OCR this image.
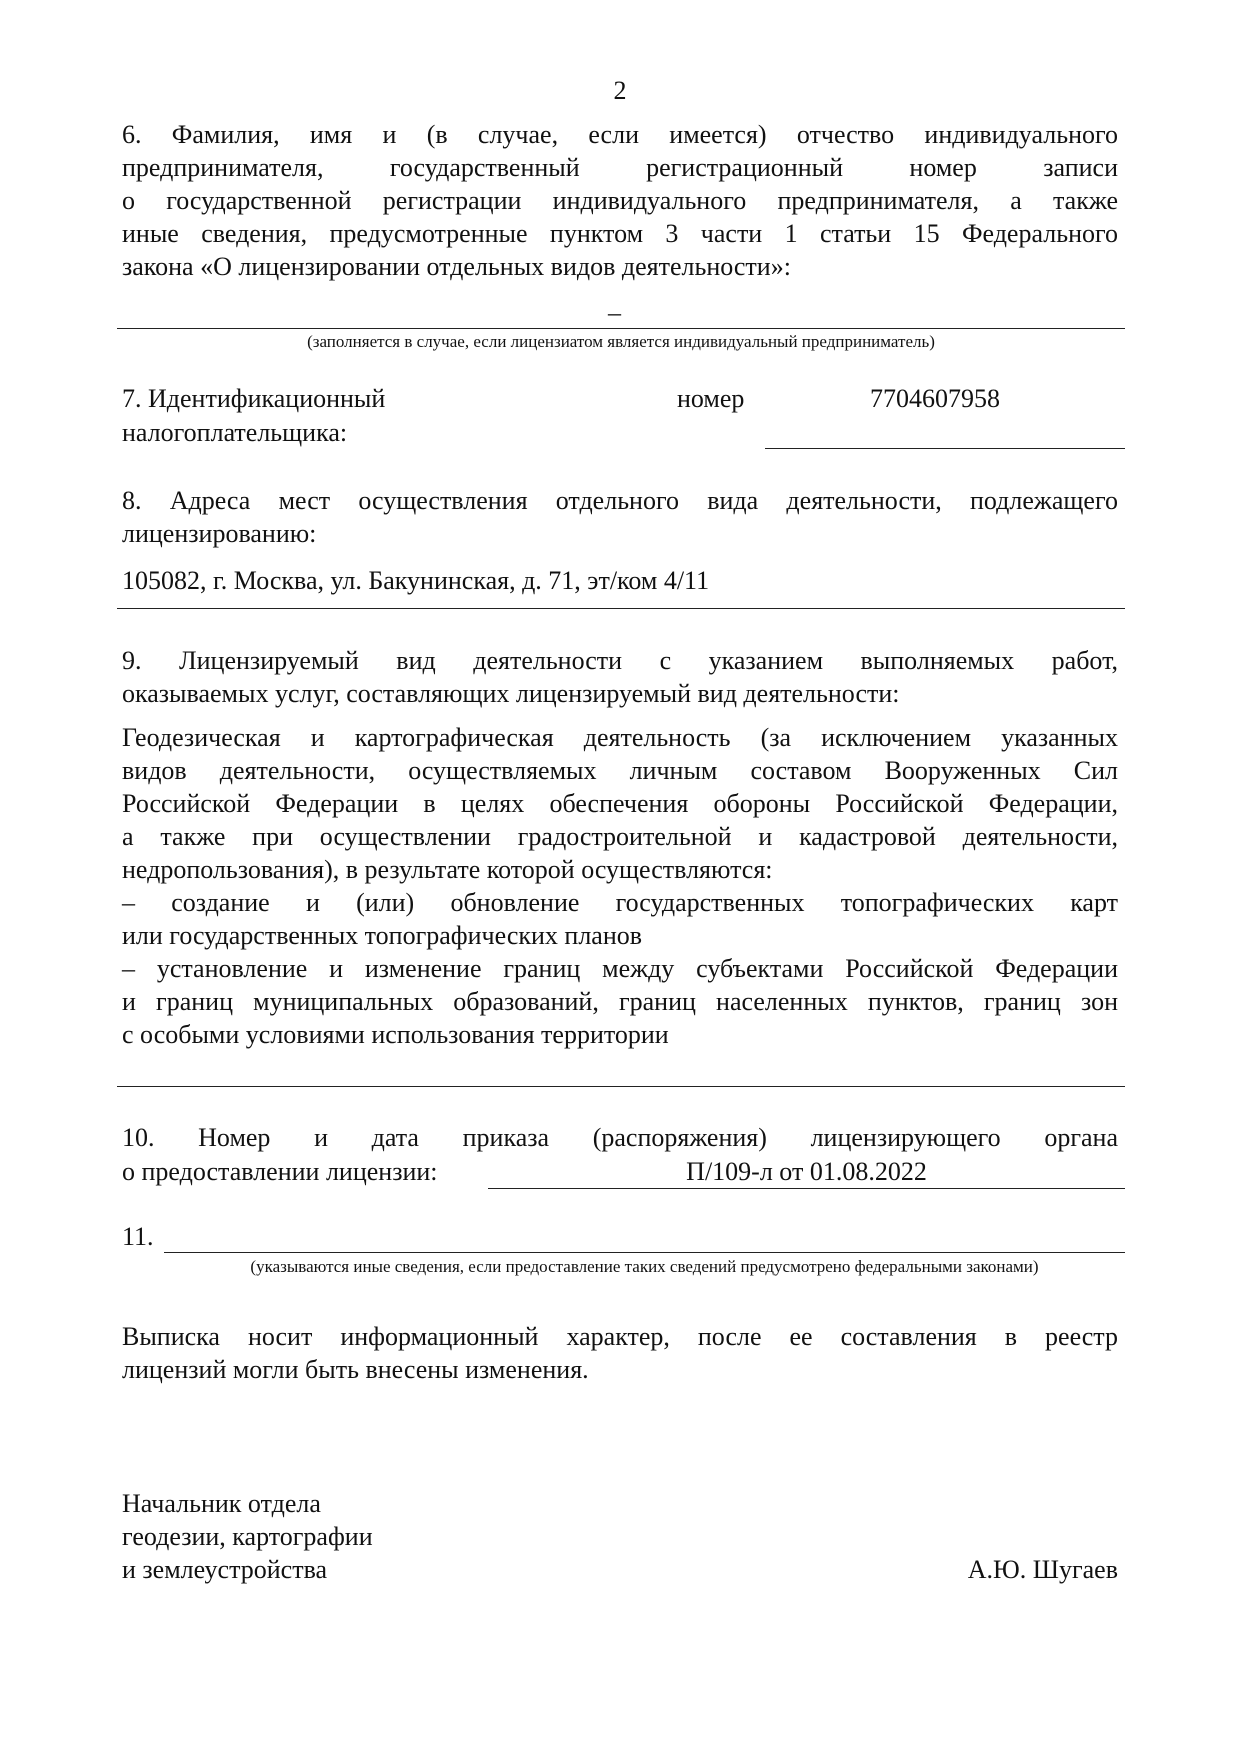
2
6. Фамилия, имя и (в случае, если имеется) отчество индивидуального
предпринимателя, государственный регистрационный номер записи
о государственной регистрации индивидуального предпринимателя, а также
иные сведения, предусмотренные пунктом 3 части 1 статьи 15 Федерального
закона «О лицензировании отдельных видов деятельности»:
–
(заполняется в случае, если лицензиатом является индивидуальный предприниматель)
7. Идентификационный	номер	7704607958
налогоплательщика:
8. Адреса мест осуществления отдельного вида деятельности, подлежащего
лицензированию:
105082, г. Москва, ул. Бакунинская, д. 71, эт/ком 4/11
9. Лицензируемый вид деятельности с указанием выполняемых работ,
оказываемых услуг, составляющих лицензируемый вид деятельности:
Геодезическая и картографическая деятельность (за исключением указанных
видов деятельности, осуществляемых личным составом Вооруженных Сил
Российской Федерации в целях обеспечения обороны Российской Федерации,
а также при осуществлении градостроительной и кадастровой деятельности,
недропользования), в результате которой осуществляются:
– создание и (или) обновление государственных топографических карт
или государственных топографических планов
– установление и изменение границ между субъектами Российской Федерации
и границ муниципальных образований, границ населенных пунктов, границ зон
с особыми условиями использования территории
10. Номер и дата приказа (распоряжения) лицензирующего органа
о предоставлении лицензии:	П/109-л от 01.08.2022
11.
(указываются иные сведения, если предоставление таких сведений предусмотрено федеральными законами)
Выписка носит информационный характер, после ее составления в реестр
лицензий могли быть внесены изменения.
Начальник отдела
геодезии, картографии
и землеустройства	А.Ю. Шугаев
